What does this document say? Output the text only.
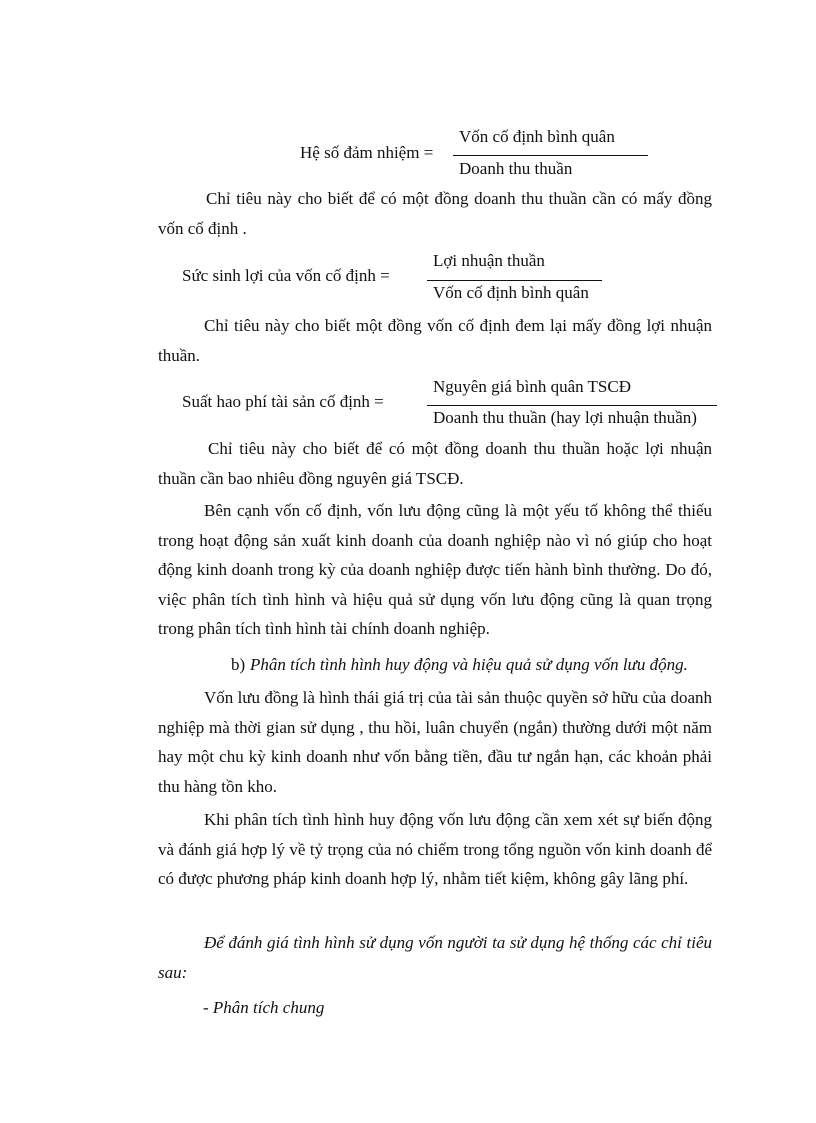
Hệ số đảm nhiệm =
Vốn cố định bình quân
Doanh thu thuần
Chỉ tiêu này cho biết để có một đồng doanh thu thuần cần có mấy đồng vốn cố định .
Sức sinh lợi của vốn cố định =
Lợi nhuận thuần
Vốn cố định bình quân
Chỉ tiêu này cho biết một đồng vốn cố định đem lại mấy đồng lợi nhuận thuần.
Suất hao phí tài sản cố định =
Nguyên giá bình quân TSCĐ
Doanh thu thuần (hay lợi nhuận thuần)
Chỉ tiêu này cho biết để có một đồng doanh thu thuần hoặc lợi nhuận thuần cần bao nhiêu đồng nguyên giá TSCĐ.
Bên cạnh vốn cố định, vốn lưu động cũng là một yếu tố không thể thiếu trong hoạt động sản xuất kinh doanh của doanh nghiệp nào vì nó giúp cho hoạt động kinh doanh trong kỳ của doanh nghiệp được tiến hành bình thường. Do đó, việc phân tích tình hình và hiệu quả sử dụng vốn lưu động cũng là quan trọng trong phân tích tình hình tài chính doanh nghiệp.
b) Phân tích tình hình huy động và hiệu quả sử dụng vốn lưu động.
Vốn lưu đồng là hình thái giá trị của tài sản thuộc quyền sở hữu của doanh nghiệp mà thời gian sử dụng , thu hồi, luân chuyển (ngắn) thường dưới một năm hay một chu kỳ kinh doanh như vốn bằng tiền, đầu tư ngắn hạn, các khoản phải thu hàng tồn kho.
Khi phân tích tình hình huy động vốn lưu động cần xem xét sự biến động và đánh giá hợp lý về tỷ trọng của nó chiếm trong tổng nguồn vốn kinh doanh để có được phương pháp kinh doanh hợp lý, nhằm tiết kiệm, không gây lãng phí.
Để đánh giá tình hình sử dụng vốn người ta sử dụng hệ thống các chỉ tiêu sau:
- Phân tích chung
